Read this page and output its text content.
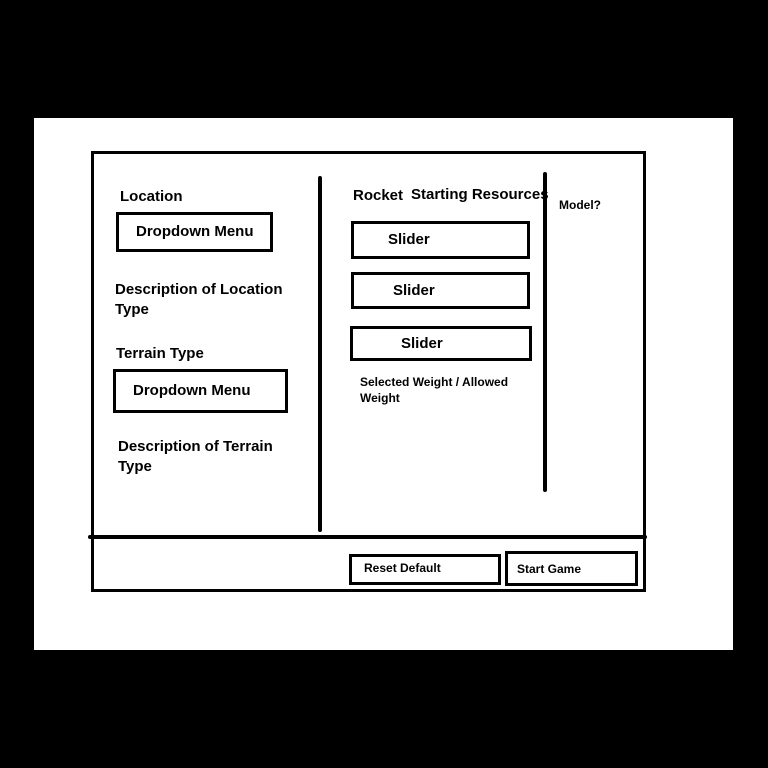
Location
Dropdown Menu
Description of Location Type
Terrain Type
Dropdown Menu
Description of Terrain Type
Rocket Starting Resources
Slider
Slider
Slider
Selected Weight / Allowed Weight
Model?
Reset Default	Start Game
